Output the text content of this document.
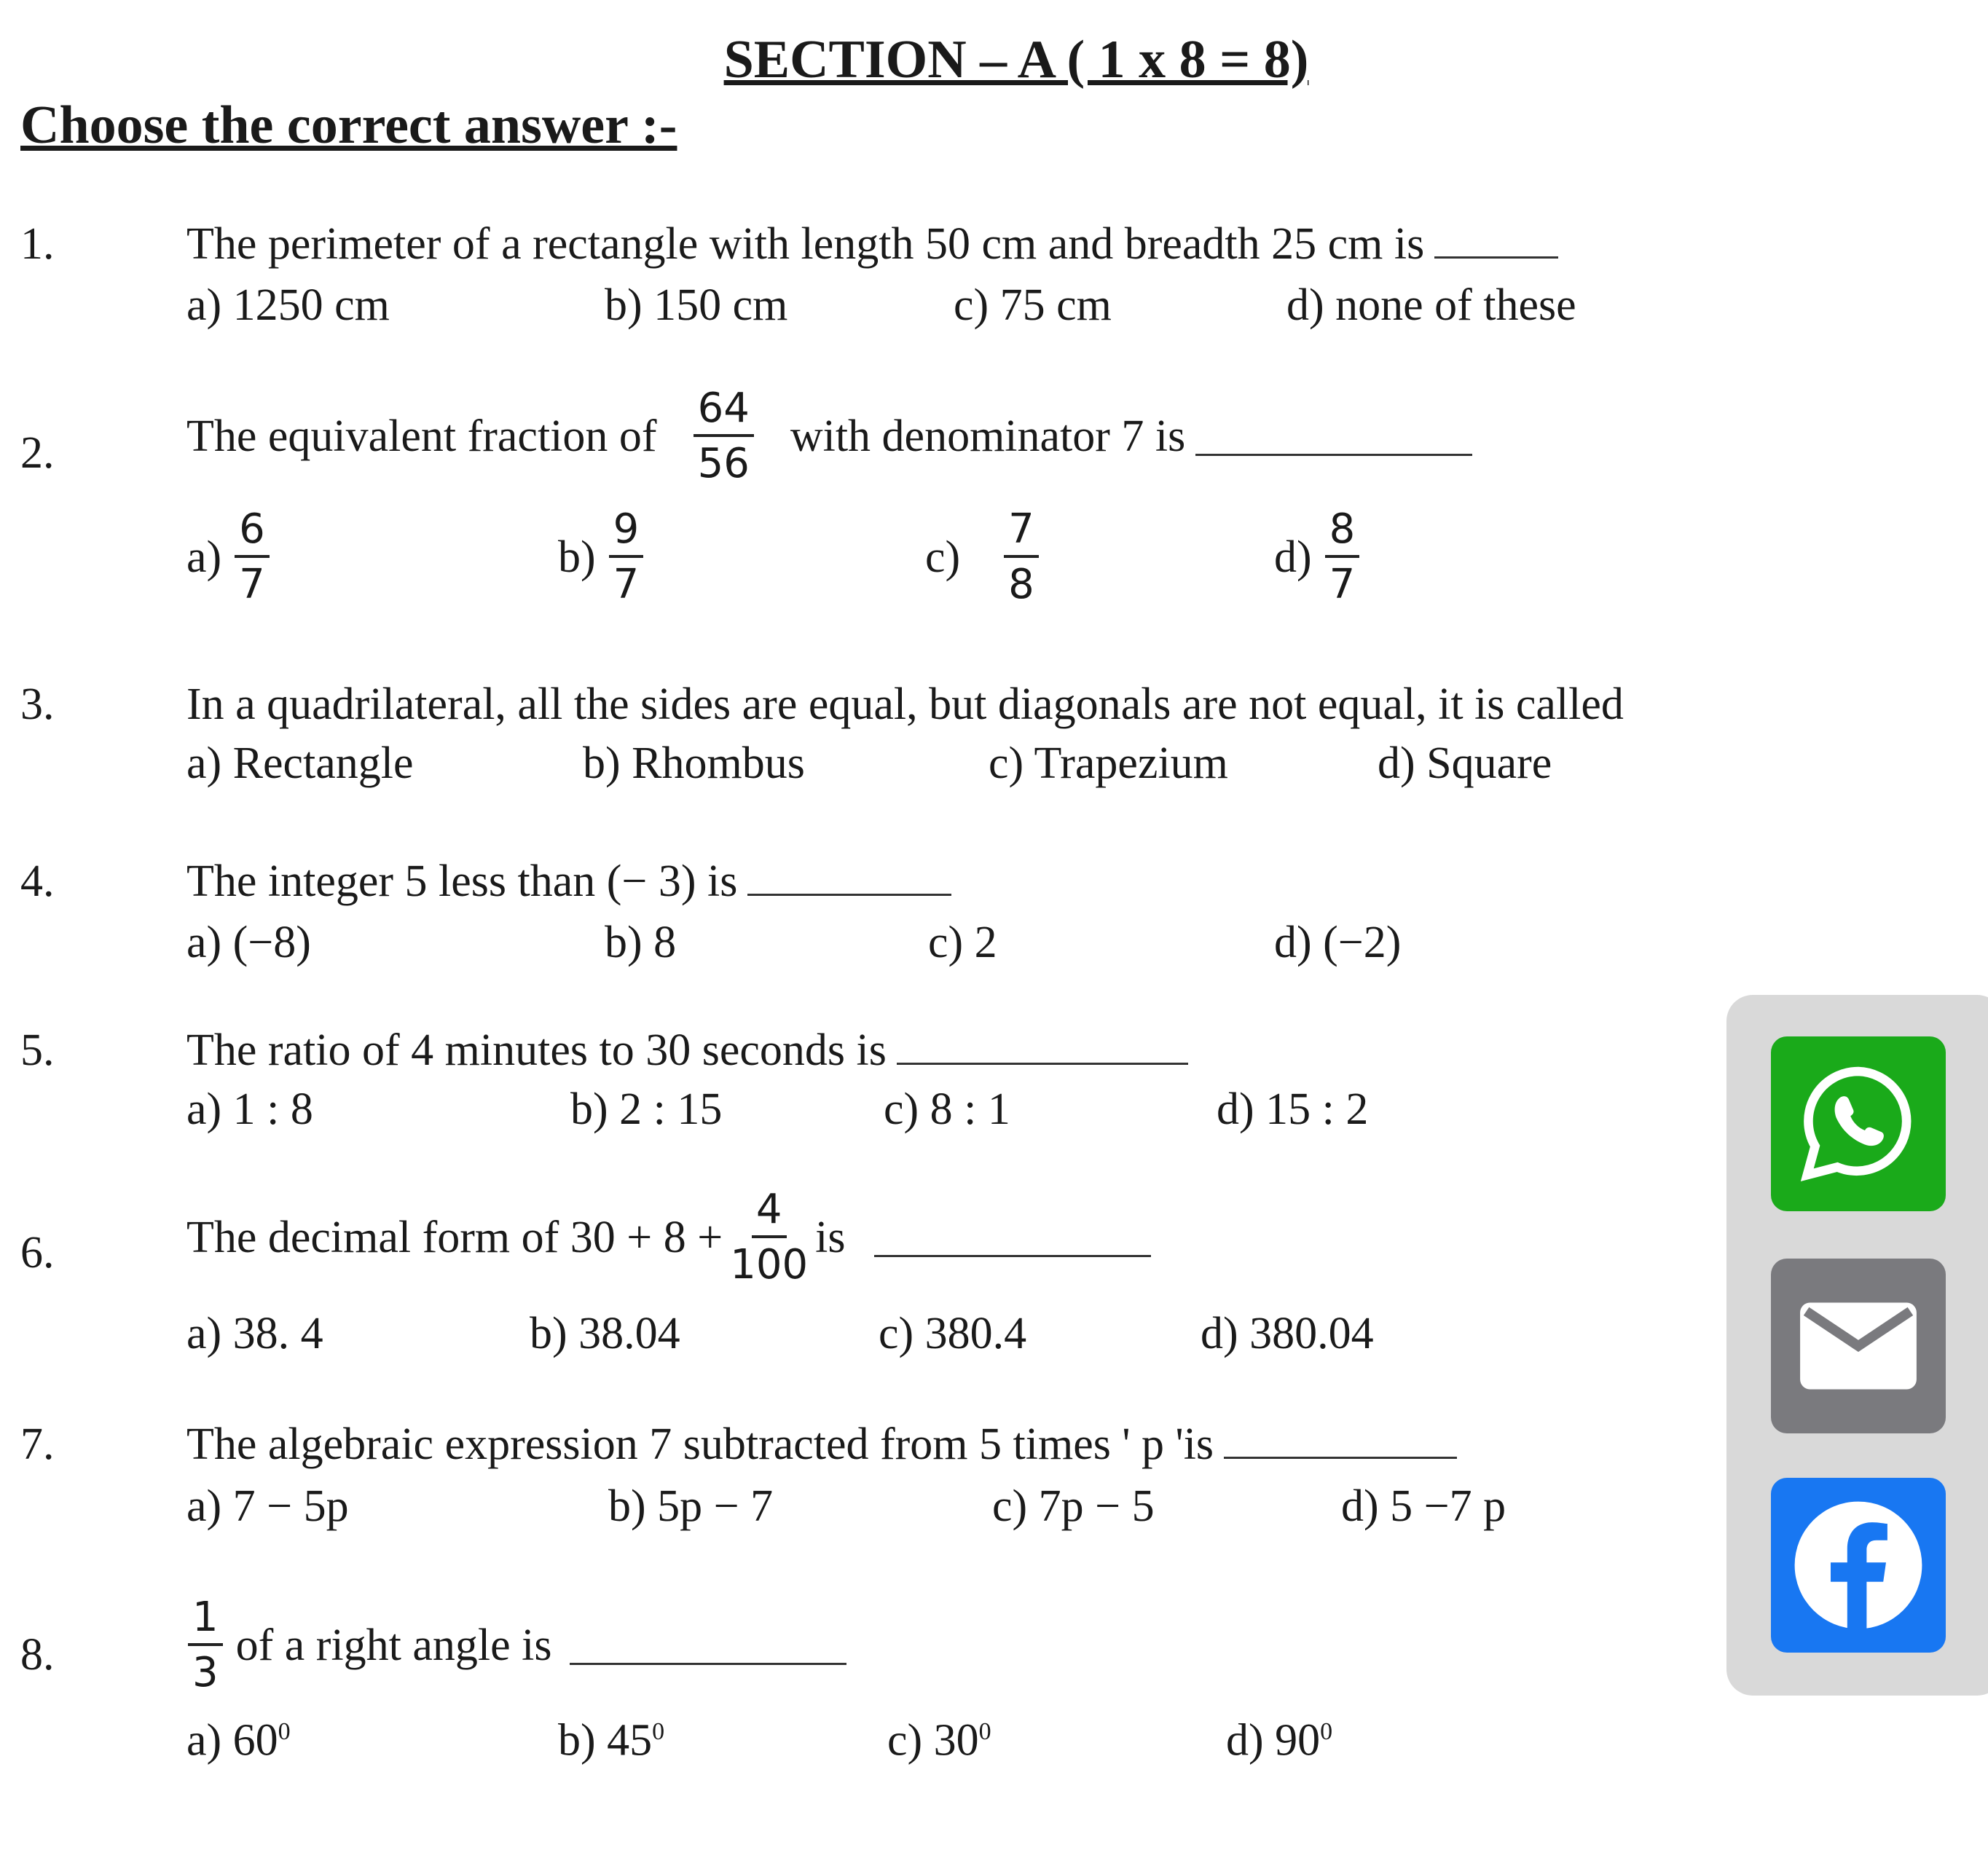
SECTION – A ( 1 x 8 = 8)
Choose the correct answer :-
1.	The perimeter of a rectangle with length 50 cm and breadth 25 cm is
a) 1250 cm	b) 150 cm	c) 75 cm	d) none of these
2.	The equivalent fraction of $\frac{64}{56}$ with denominator 7 is
$a) \frac{6}{7}$	$b) \frac{9}{7}$	$c) \frac{7}{8}$	$d) \frac{8}{7}$
3.	In a quadrilateral, all the sides are equal, but diagonals are not equal, it is called
a) Rectangle	b) Rhombus	c) Trapezium	d) Square
4.	The integer 5 less than (− 3) is
a) (−8)	b) 8	c) 2	d) (−2)
5.	The ratio of 4 minutes to 30 seconds is
a) 1 : 8	b) 2 : 15	c) 8 : 1	d) 15 : 2
6.	The decimal form of $30 + 8 + \frac{4}{100}$ is
a) 38. 4	b) 38.04	c) 380.4	d) 380.04
7.	The algebraic expression 7 subtracted from 5 times ' p 'is
a) 7 − 5p	b) 5p − 7	c) 7p − 5	d) 5 −7 p
8.	$\frac{1}{3}$ of a right angle is
a) $60^0$	b) $45^0$	c) $30^0$	d) $90^0$
